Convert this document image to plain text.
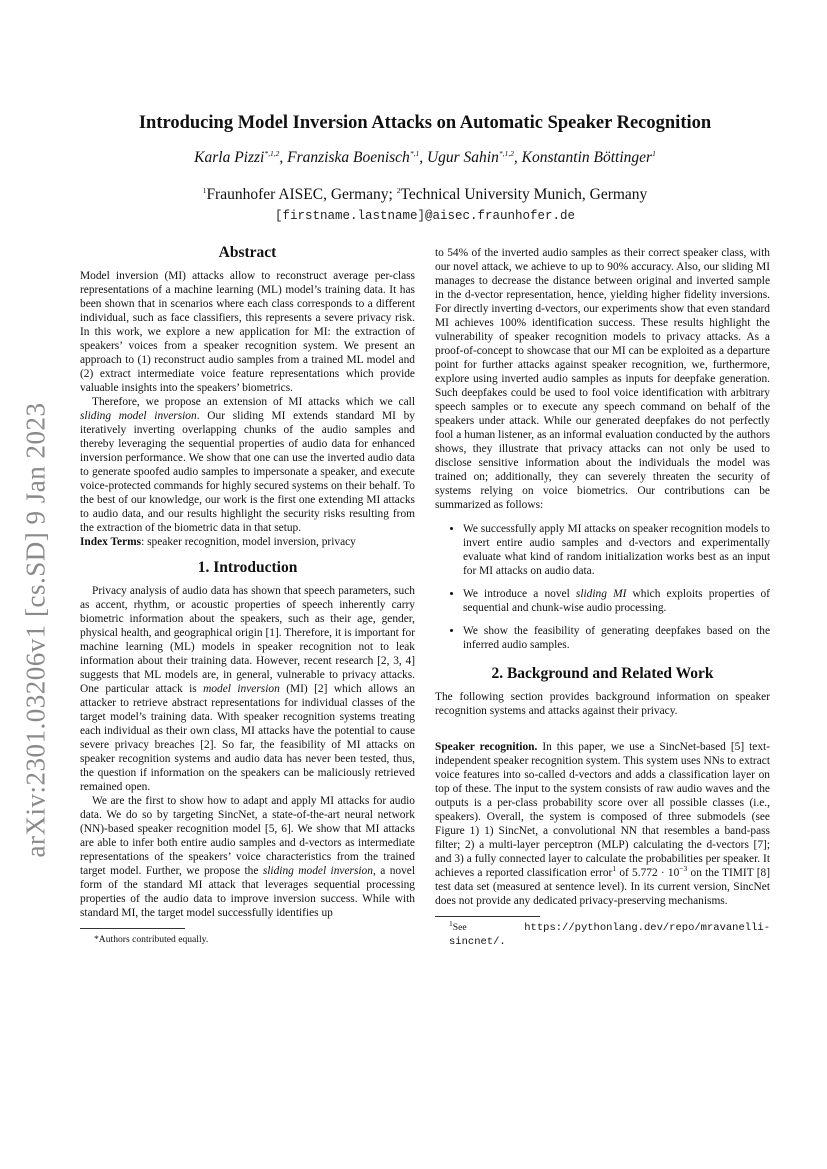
arXiv:2301.03206v1 [cs.SD] 9 Jan 2023
Introducing Model Inversion Attacks on Automatic Speaker Recognition
Karla Pizzi$^{*,1,2}$, Franziska Boenisch$^{*,1}$, Ugur Sahin$^{*,1,2}$, Konstantin Böttinger$^1$
$^1$Fraunhofer AISEC, Germany; $^2$Technical University Munich, Germany
[firstname.lastname]@aisec.fraunhofer.de
Abstract

Model inversion (MI) attacks allow to reconstruct average per-class representations of a machine learning (ML) model’s training data. It has been shown that in scenarios where each class corresponds to a different individual, such as face classifiers, this represents a severe privacy risk. In this work, we explore a new application for MI: the extraction of speakers’ voices from a speaker recognition system. We present an approach to (1) reconstruct audio samples from a trained ML model and (2) extract intermediate voice feature representations which provide valuable insights into the speakers’ biometrics.

Therefore, we propose an extension of MI attacks which we call sliding model inversion. Our sliding MI extends standard MI by iteratively inverting overlapping chunks of the audio samples and thereby leveraging the sequential properties of audio data for enhanced inversion performance. We show that one can use the inverted audio data to generate spoofed audio samples to impersonate a speaker, and execute voice-protected commands for highly secured systems on their behalf. To the best of our knowledge, our work is the first one extending MI attacks to audio data, and our results highlight the security risks resulting from the extraction of the biometric data in that setup.

Index Terms: speaker recognition, model inversion, privacy

1. Introduction

Privacy analysis of audio data has shown that speech parameters, such as accent, rhythm, or acoustic properties of speech inherently carry biometric information about the speakers, such as their age, gender, physical health, and geographical origin [1]. Therefore, it is important for machine learning (ML) models in speaker recognition not to leak information about their training data. However, recent research [2, 3, 4] suggests that ML models are, in general, vulnerable to privacy attacks. One particular attack is model inversion (MI) [2] which allows an attacker to retrieve abstract representations for individual classes of the target model’s training data. With speaker recognition systems treating each individual as their own class, MI attacks have the potential to cause severe privacy breaches [2]. So far, the feasibility of MI attacks on speaker recognition systems and audio data has never been tested, thus, the question if information on the speakers can be maliciously retrieved remained open.

We are the first to show how to adapt and apply MI attacks for audio data. We do so by targeting SincNet, a state-of-the-art neural network (NN)-based speaker recognition model [5, 6]. We show that MI attacks are able to infer both entire audio samples and d-vectors as intermediate representations of the speakers’ voice characteristics from the trained target model. Further, we propose the sliding model inversion, a novel form of the standard MI attack that leverages sequential processing properties of the audio data to improve inversion success. While with standard MI, the target model successfully identifies up

*Authors contributed equally.

to 54% of the inverted audio samples as their correct speaker class, with our novel attack, we achieve to up to 90% accuracy. Also, our sliding MI manages to decrease the distance between original and inverted sample in the d-vector representation, hence, yielding higher fidelity inversions. For directly inverting d-vectors, our experiments show that even standard MI achieves 100% identification success. These results highlight the vulnerability of speaker recognition models to privacy attacks. As a proof-of-concept to showcase that our MI can be exploited as a departure point for further attacks against speaker recognition, we, furthermore, explore using inverted audio samples as inputs for deepfake generation. Such deepfakes could be used to fool voice identification with arbitrary speech samples or to execute any speech command on behalf of the speakers under attack. While our generated deepfakes do not perfectly fool a human listener, as an informal evaluation conducted by the authors shows, they illustrate that privacy attacks can not only be used to disclose sensitive information about the individuals the model was trained on; additionally, they can severely threaten the security of systems relying on voice biometrics. Our contributions can be summarized as follows:

• We successfully apply MI attacks on speaker recognition models to invert entire audio samples and d-vectors and experimentally evaluate what kind of random initialization works best as an input for MI attacks on audio data.
• We introduce a novel sliding MI which exploits properties of sequential and chunk-wise audio processing.
• We show the feasibility of generating deepfakes based on the inferred audio samples.
2. Background and Related Work

The following section provides background information on speaker recognition systems and attacks against their privacy.

Speaker recognition. In this paper, we use a SincNet-based [5] text-independent speaker recognition system. This system uses NNs to extract voice features into so-called d-vectors and adds a classification layer on top of these. The input to the system consists of raw audio waves and the outputs is a per-class probability score over all possible classes (i.e., speakers). Overall, the system is composed of three submodels (see Figure 1) 1) SincNet, a convolutional NN that resembles a band-pass filter; 2) a multi-layer perceptron (MLP) calculating the d-vectors [7]; and 3) a fully connected layer to calculate the probabilities per speaker. It achieves a reported classification error$^1$ of $5.772 \cdot 10^{-3}$ on the TIMIT [8] test data set (measured at sentence level). In its current version, SincNet does not provide any dedicated privacy-preserving mechanisms.

$^1$See	https://pythonlang.dev/repo/mravanelli-sincnet/.
